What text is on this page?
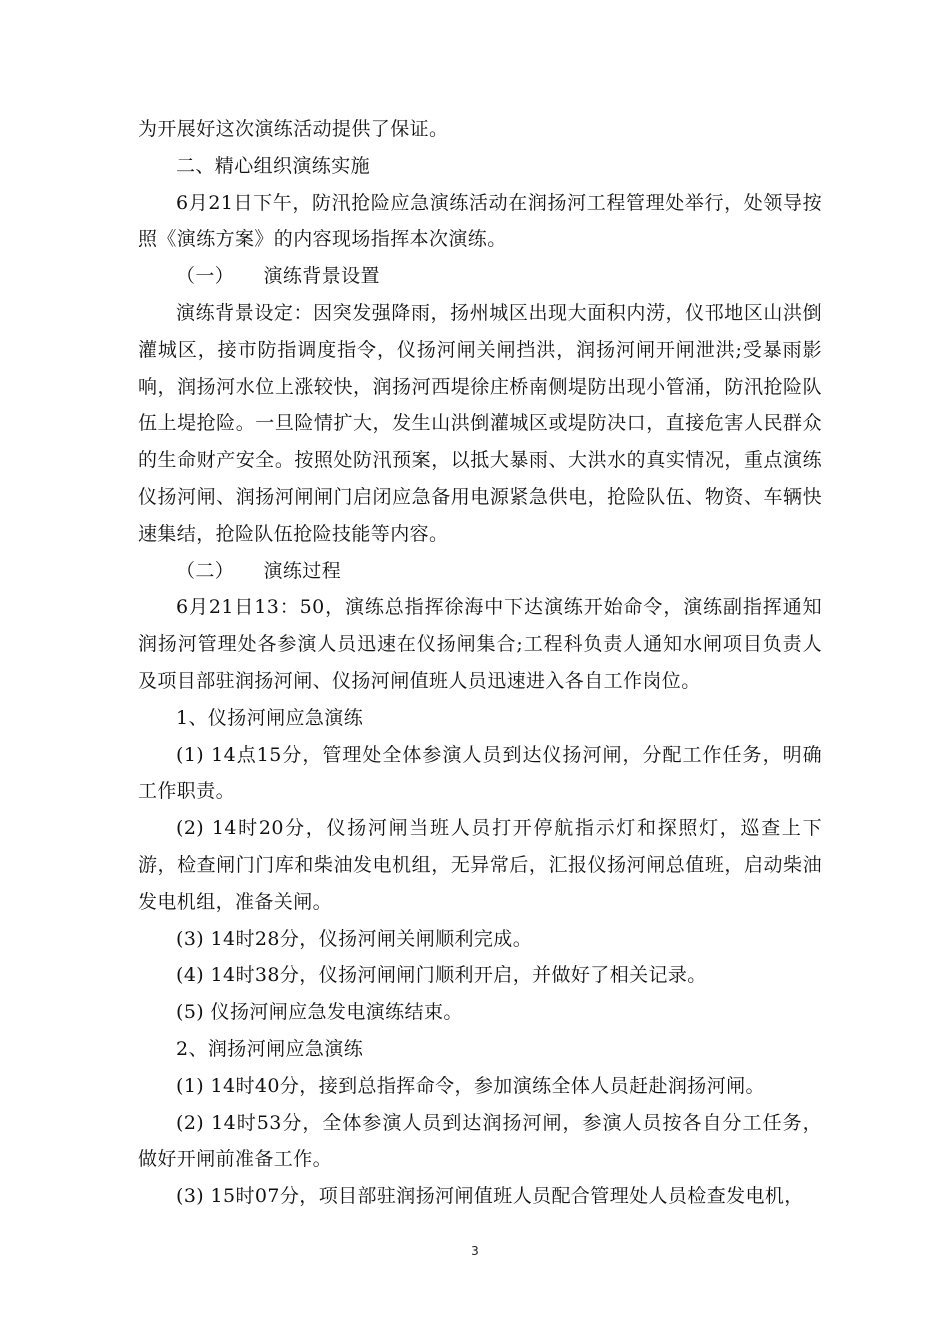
为开展好这次演练活动提供了保证。

二、精心组织演练实施

6月21日下午，防汛抢险应急演练活动在润扬河工程管理处举行，处领导按照《演练方案》的内容现场指挥本次演练。

（一）　　演练背景设置

演练背景设定：因突发强降雨，扬州城区出现大面积内涝，仪邗地区山洪倒灌城区，接市防指调度指令，仪扬河闸关闸挡洪，润扬河闸开闸泄洪;受暴雨影响，润扬河水位上涨较快，润扬河西堤徐庄桥南侧堤防出现小管涌，防汛抢险队伍上堤抢险。一旦险情扩大，发生山洪倒灌城区或堤防决口，直接危害人民群众的生命财产安全。按照处防汛预案，以抵大暴雨、大洪水的真实情况，重点演练仪扬河闸、润扬河闸闸门启闭应急备用电源紧急供电，抢险队伍、物资、车辆快速集结，抢险队伍抢险技能等内容。

（二）　　演练过程

6月21日13：50，演练总指挥徐海中下达演练开始命令，演练副指挥通知润扬河管理处各参演人员迅速在仪扬闸集合;工程科负责人通知水闸项目负责人及项目部驻润扬河闸、仪扬河闸值班人员迅速进入各自工作岗位。

1、仪扬河闸应急演练

(1) 14点15分，管理处全体参演人员到达仪扬河闸，分配工作任务，明确工作职责。

(2) 14时20分，仪扬河闸当班人员打开停航指示灯和探照灯，巡查上下游，检查闸门门库和柴油发电机组，无异常后，汇报仪扬河闸总值班，启动柴油发电机组，准备关闸。

(3) 14时28分，仪扬河闸关闸顺利完成。

(4) 14时38分，仪扬河闸闸门顺利开启，并做好了相关记录。

(5) 仪扬河闸应急发电演练结束。

2、润扬河闸应急演练

(1) 14时40分，接到总指挥命令，参加演练全体人员赶赴润扬河闸。

(2) 14时53分，全体参演人员到达润扬河闸，参演人员按各自分工任务，做好开闸前准备工作。

(3) 15时07分，项目部驻润扬河闸值班人员配合管理处人员检查发电机，

3
